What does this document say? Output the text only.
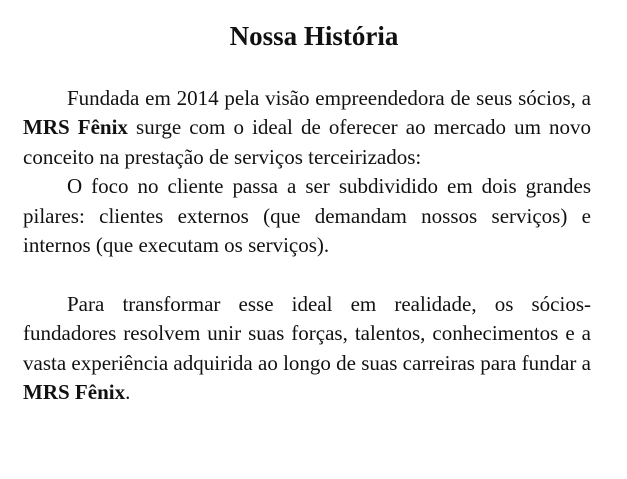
Nossa História

Fundada em 2014 pela visão empreendedora de seus sócios, a MRS Fênix surge com o ideal de oferecer ao mercado um novo conceito na prestação de serviços terceirizados:

O foco no cliente passa a ser subdividido em dois grandes pilares: clientes externos (que demandam nossos serviços) e internos (que executam os serviços).

Para transformar esse ideal em realidade, os sócios-fundadores resolvem unir suas forças, talentos, conhecimentos e a vasta experiência adquirida ao longo de suas carreiras para fundar a MRS Fênix.
